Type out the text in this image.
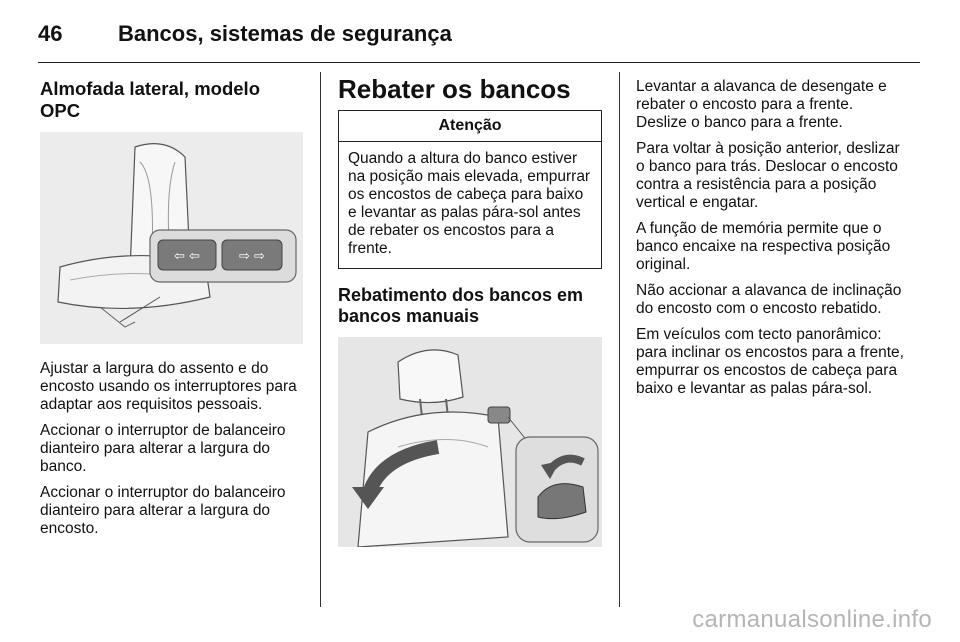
46	Bancos, sistemas de segurança
Almofada lateral, modelo OPC
⇦ ⇦	⇨ ⇨

Ajustar a largura do assento e do encosto usando os interruptores para adaptar aos requisitos pessoais.

Accionar o interruptor de balanceiro dianteiro para alterar a largura do banco.

Accionar o interruptor do balanceiro dianteiro para alterar a largura do encosto.

Rebater os bancos
Atenção
Quando a altura do banco estiver na posição mais elevada, empurrar os encostos de cabeça para baixo e levantar as palas pára-sol antes de rebater os encostos para a frente.
Rebatimento dos bancos em bancos manuais

Levantar a alavanca de desengate e rebater o encosto para a frente. Deslize o banco para a frente.

Para voltar à posição anterior, deslizar o banco para trás. Deslocar o encosto contra a resistência para a posição vertical e engatar.

A função de memória permite que o banco encaixe na respectiva posição original.

Não accionar a alavanca de inclinação do encosto com o encosto rebatido.

Em veículos com tecto panorâmico: para inclinar os encostos para a frente, empurrar os encostos de cabeça para baixo e levantar as palas pára-sol.

carmanualsonline.info
